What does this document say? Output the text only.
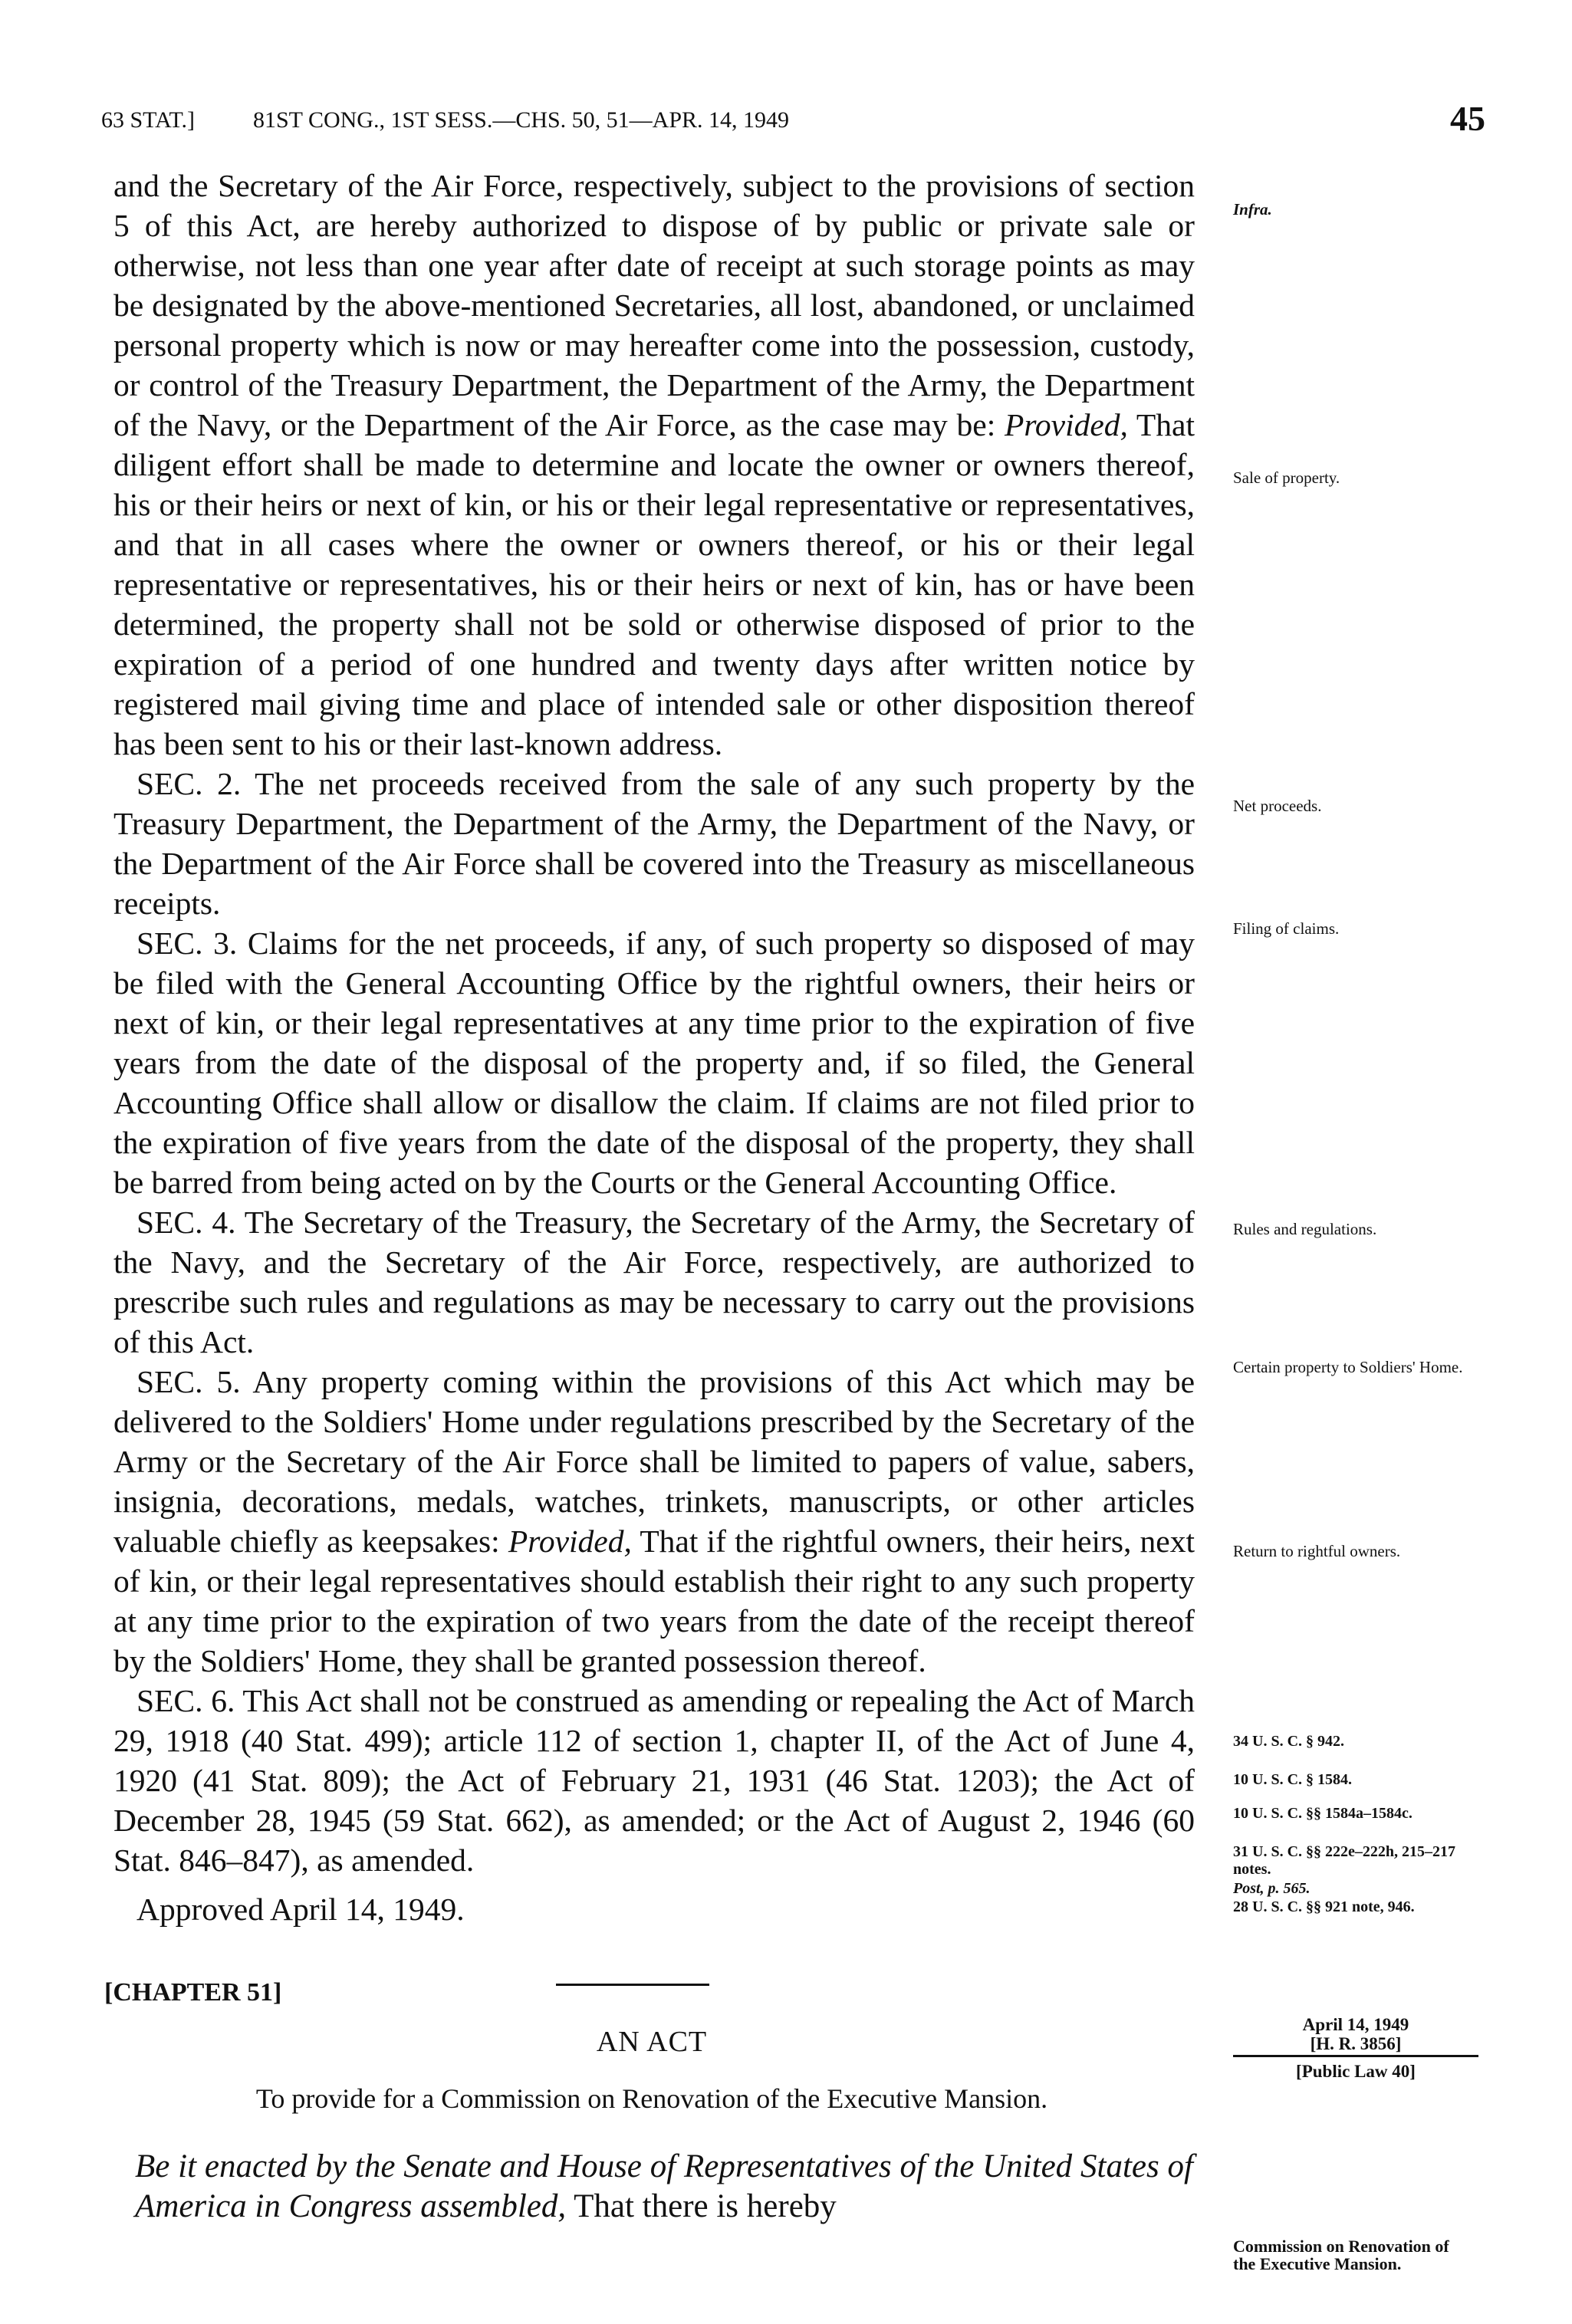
63 STAT.]	81ST CONG., 1ST SESS.—CHS. 50, 51—APR. 14, 1949	45

and the Secretary of the Air Force, respectively, subject to the provisions of section 5 of this Act, are hereby authorized to dispose of by public or private sale or otherwise, not less than one year after date of receipt at such storage points as may be designated by the above-mentioned Secretaries, all lost, abandoned, or unclaimed personal property which is now or may hereafter come into the possession, custody, or control of the Treasury Department, the Department of the Army, the Department of the Navy, or the Department of the Air Force, as the case may be: Provided, That diligent effort shall be made to determine and locate the owner or owners thereof, his or their heirs or next of kin, or his or their legal representative or representatives, and that in all cases where the owner or owners thereof, or his or their legal representative or representatives, his or their heirs or next of kin, has or have been determined, the property shall not be sold or otherwise disposed of prior to the expiration of a period of one hundred and twenty days after written notice by registered mail giving time and place of intended sale or other disposition thereof has been sent to his or their last-known address.

SEC. 2. The net proceeds received from the sale of any such property by the Treasury Department, the Department of the Army, the Department of the Navy, or the Department of the Air Force shall be covered into the Treasury as miscellaneous receipts.

SEC. 3. Claims for the net proceeds, if any, of such property so disposed of may be filed with the General Accounting Office by the rightful owners, their heirs or next of kin, or their legal representatives at any time prior to the expiration of five years from the date of the disposal of the property and, if so filed, the General Accounting Office shall allow or disallow the claim. If claims are not filed prior to the expiration of five years from the date of the disposal of the property, they shall be barred from being acted on by the Courts or the General Accounting Office.

SEC. 4. The Secretary of the Treasury, the Secretary of the Army, the Secretary of the Navy, and the Secretary of the Air Force, respectively, are authorized to prescribe such rules and regulations as may be necessary to carry out the provisions of this Act.

SEC. 5. Any property coming within the provisions of this Act which may be delivered to the Soldiers' Home under regulations prescribed by the Secretary of the Army or the Secretary of the Air Force shall be limited to papers of value, sabers, insignia, decorations, medals, watches, trinkets, manuscripts, or other articles valuable chiefly as keepsakes: Provided, That if the rightful owners, their heirs, next of kin, or their legal representatives should establish their right to any such property at any time prior to the expiration of two years from the date of the receipt thereof by the Soldiers' Home, they shall be granted possession thereof.

SEC. 6. This Act shall not be construed as amending or repealing the Act of March 29, 1918 (40 Stat. 499); article 112 of section 1, chapter II, of the Act of June 4, 1920 (41 Stat. 809); the Act of February 21, 1931 (46 Stat. 1203); the Act of December 28, 1945 (59 Stat. 662), as amended; or the Act of August 2, 1946 (60 Stat. 846–847), as amended.

Approved April 14, 1949.
Infra.
Sale of property.
Net proceeds.
Filing of claims.
Rules and regulations.
Certain property to Soldiers' Home.
Return to rightful owners.
34 U. S. C. § 942.
10 U. S. C. § 1584.
10 U. S. C. §§ 1584a–1584c.
31 U. S. C. §§ 222e–222h, 215–217 notes.
Post, p. 565.
28 U. S. C. §§ 921 note, 946.
[CHAPTER 51]
AN ACT
To provide for a Commission on Renovation of the Executive Mansion.
April 14, 1949
[H. R. 3856]
[Public Law 40]
Be it enacted by the Senate and House of Representatives of the United States of America in Congress assembled, That there is hereby
Commission on Renovation of the Executive Mansion.
